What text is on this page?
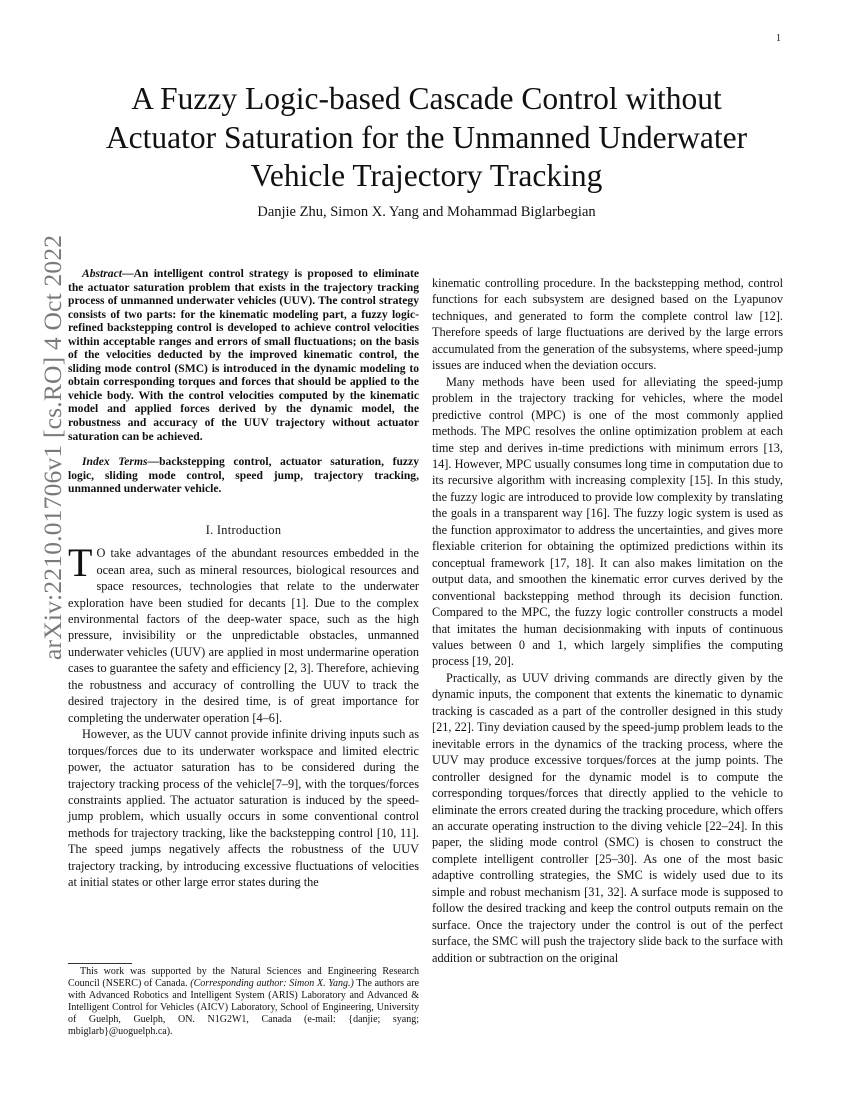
1
arXiv:2210.01706v1 [cs.RO] 4 Oct 2022
A Fuzzy Logic-based Cascade Control without
Actuator Saturation for the Unmanned Underwater
Vehicle Trajectory Tracking
Danjie Zhu, Simon X. Yang and Mohammad Biglarbegian

Abstract—An intelligent control strategy is proposed to eliminate the actuator saturation problem that exists in the trajectory tracking process of unmanned underwater vehicles (UUV). The control strategy consists of two parts: for the kinematic modeling part, a fuzzy logic-refined backstepping control is developed to achieve control velocities within acceptable ranges and errors of small fluctuations; on the basis of the velocities deducted by the improved kinematic control, the sliding mode control (SMC) is introduced in the dynamic modeling to obtain corresponding torques and forces that should be applied to the vehicle body. With the control velocities computed by the kinematic model and applied forces derived by the dynamic model, the robustness and accuracy of the UUV trajectory without actuator saturation can be achieved.

Index Terms—backstepping control, actuator saturation, fuzzy logic, sliding mode control, speed jump, trajectory tracking, unmanned underwater vehicle.

I. Introduction

T O take advantages of the abundant resources embedded in the ocean area, such as mineral resources, biological resources and space resources, technologies that relate to the underwater exploration have been studied for decants [1]. Due to the complex environmental factors of the deep-water space, such as the high pressure, invisibility or the unpredictable obstacles, unmanned underwater vehicles (UUV) are applied in most undermarine operation cases to guarantee the safety and efficiency [2, 3]. Therefore, achieving the robustness and accuracy of controlling the UUV to track the desired trajectory in the desired time, is of great importance for completing the underwater operation [4–6].

However, as the UUV cannot provide infinite driving inputs such as torques/forces due to its underwater workspace and limited electric power, the actuator saturation has to be considered during the trajectory tracking process of the vehicle[7–9], with the torques/forces constraints applied. The actuator saturation is induced by the speed-jump problem, which usually occurs in some conventional control methods for trajectory tracking, like the backstepping control [10, 11]. The speed jumps negatively affects the robustness of the UUV trajectory tracking, by introducing excessive fluctuations of velocities at initial states or other large error states during the

kinematic controlling procedure. In the backstepping method, control functions for each subsystem are designed based on the Lyapunov techniques, and generated to form the complete control law [12]. Therefore speeds of large fluctuations are derived by the large errors accumulated from the generation of the subsystems, where speed-jump issues are induced when the deviation occurs.

Many methods have been used for alleviating the speed-jump problem in the trajectory tracking for vehicles, where the model predictive control (MPC) is one of the most commonly applied methods. The MPC resolves the online optimization problem at each time step and derives in-time predictions with minimum errors [13, 14]. However, MPC usually consumes long time in computation due to its recursive algorithm with increasing complexity [15]. In this study, the fuzzy logic are introduced to provide low complexity by translating the goals in a transparent way [16]. The fuzzy logic system is used as the function approximator to address the uncertainties, and gives more flexiable criterion for obtaining the optimized predictions within its conceptual framework [17, 18]. It can also makes limitation on the output data, and smoothen the kinematic error curves derived by the conventional backstepping method through its decision function. Compared to the MPC, the fuzzy logic controller constructs a model that imitates the human decisionmaking with inputs of continuous values between 0 and 1, which largely simplifies the computing process [19, 20].

Practically, as UUV driving commands are directly given by the dynamic inputs, the component that extents the kinematic to dynamic tracking is cascaded as a part of the controller designed in this study [21, 22]. Tiny deviation caused by the speed-jump problem leads to the inevitable errors in the dynamics of the tracking process, where the UUV may produce excessive torques/forces at the jump points. The controller designed for the dynamic model is to compute the corresponding torques/forces that directly applied to the vehicle to eliminate the errors created during the tracking procedure, which offers an accurate operating instruction to the diving vehicle [22–24]. In this paper, the sliding mode control (SMC) is chosen to construct the complete intelligent controller [25–30]. As one of the most basic adaptive controlling strategies, the SMC is widely used due to its simple and robust mechanism [31, 32]. A surface mode is supposed to follow the desired tracking and keep the control outputs remain on the surface. Once the trajectory under the control is out of the perfect surface, the SMC will push the trajectory slide back to the surface with addition or subtraction on the original

This work was supported by the Natural Sciences and Engineering Research Council (NSERC) of Canada. (Corresponding author: Simon X. Yang.) The authors are with Advanced Robotics and Intelligent System (ARIS) Laboratory and Advanced & Intelligent Control for Vehicles (AICV) Laboratory, School of Engineering, University of Guelph, Guelph, ON. N1G2W1, Canada (e-mail: {danjie; syang; mbiglarb}@uoguelph.ca).
